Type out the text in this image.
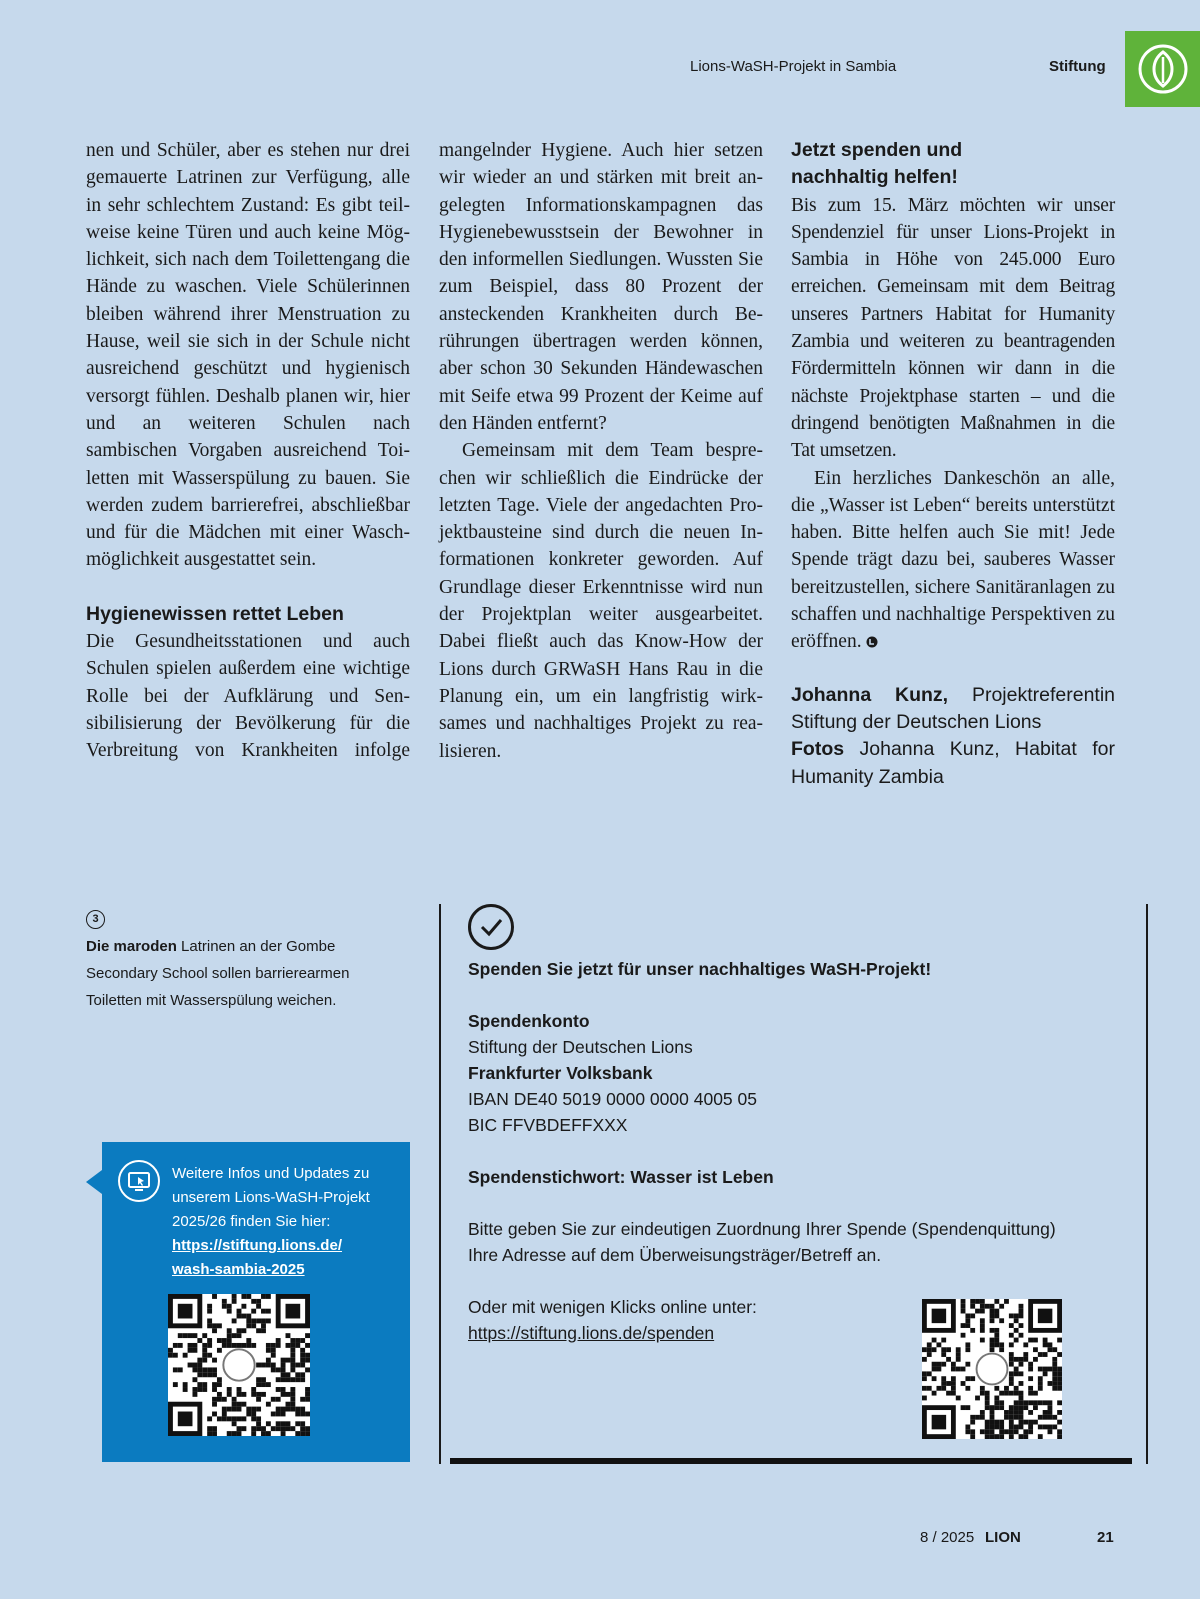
Lions-WaSH-Projekt in Sambia	Stiftung

nen und Schüler, aber es stehen nur drei gemauerte Latrinen zur Verfügung, alle in sehr schlechtem Zustand: Es gibt teilweise keine Türen und auch keine Möglichkeit, sich nach dem Toilettengang die Hände zu waschen. Viele Schülerinnen bleiben während ihrer Menstruation zu Hause, weil sie sich in der Schule nicht ausreichend geschützt und hygienisch versorgt fühlen. Deshalb planen wir, hier und an weiteren Schulen nach sambischen Vorgaben ausreichend Toiletten mit Wasserspülung zu bauen. Sie werden zudem barrierefrei, abschließbar und für die Mädchen mit einer Waschmöglichkeit ausgestattet sein.

Hygienewissen rettet Leben

Die Gesundheitsstationen und auch Schulen spielen außerdem eine wichtige Rolle bei der Aufklärung und Sensibilisierung der Bevölkerung für die Verbreitung von Krankheiten infolge

mangelnder Hygiene. Auch hier setzen wir wieder an und stärken mit breit angelegten Informationskampagnen das Hygienebewusstsein der Bewohner in den informellen Siedlungen. Wussten Sie zum Beispiel, dass 80 Prozent der ansteckenden Krankheiten durch Berührungen übertragen werden können, aber schon 30 Sekunden Händewaschen mit Seife etwa 99 Prozent der Keime auf den Händen entfernt?

Gemeinsam mit dem Team besprechen wir schließlich die Eindrücke der letzten Tage. Viele der angedachten Projektbausteine sind durch die neuen Informationen konkreter geworden. Auf Grundlage dieser Erkenntnisse wird nun der Projektplan weiter ausgearbeitet. Dabei fließt auch das Know-How der Lions durch GRWaSH Hans Rau in die Planung ein, um ein langfristig wirksames und nachhaltiges Projekt zu realisieren.

Jetzt spenden und
nachhaltig helfen!

Bis zum 15. März möchten wir unser Spendenziel für unser Lions-Projekt in Sambia in Höhe von 245.000 Euro erreichen. Gemeinsam mit dem Beitrag unseres Partners Habitat for Humanity Zambia und weiteren zu beantragenden Fördermitteln können wir dann in die nächste Projektphase starten – und die dringend benötigten Maßnahmen in die Tat umsetzen.

Ein herzliches Dankeschön an alle, die „Wasser ist Leben“ bereits unterstützt haben. Bitte helfen auch Sie mit! Jede Spende trägt dazu bei, sauberes Wasser bereitzustellen, sichere Sanitäranlagen zu schaffen und nachhaltige Perspektiven zu eröffnen.

Johanna Kunz, Projektreferentin Stiftung der Deutschen Lions

Fotos Johanna Kunz, Habitat for Humanity Zambia

3
Die maroden Latrinen an der Gombe Secondary School sollen barrierearmen Toiletten mit Wasserspülung weichen.
Weitere Infos und Updates zu unserem Lions-WaSH-Projekt 2025/26 finden Sie hier:
https://stiftung.lions.de/
wash-sambia-2025

Spenden Sie jetzt für unser nachhaltiges WaSH-Projekt!

Spendenkonto

Stiftung der Deutschen Lions

Frankfurter Volksbank

IBAN DE40 5019 0000 0000 4005 05

BIC FFVBDEFFXXX

Spendenstichwort: Wasser ist Leben

Bitte geben Sie zur eindeutigen Zuordnung Ihrer Spende (Spendenquittung) Ihre Adresse auf dem Überweisungsträger/Betreff an.

Oder mit wenigen Klicks online unter:

https://stiftung.lions.de/spenden

8 / 2025 LION	21
